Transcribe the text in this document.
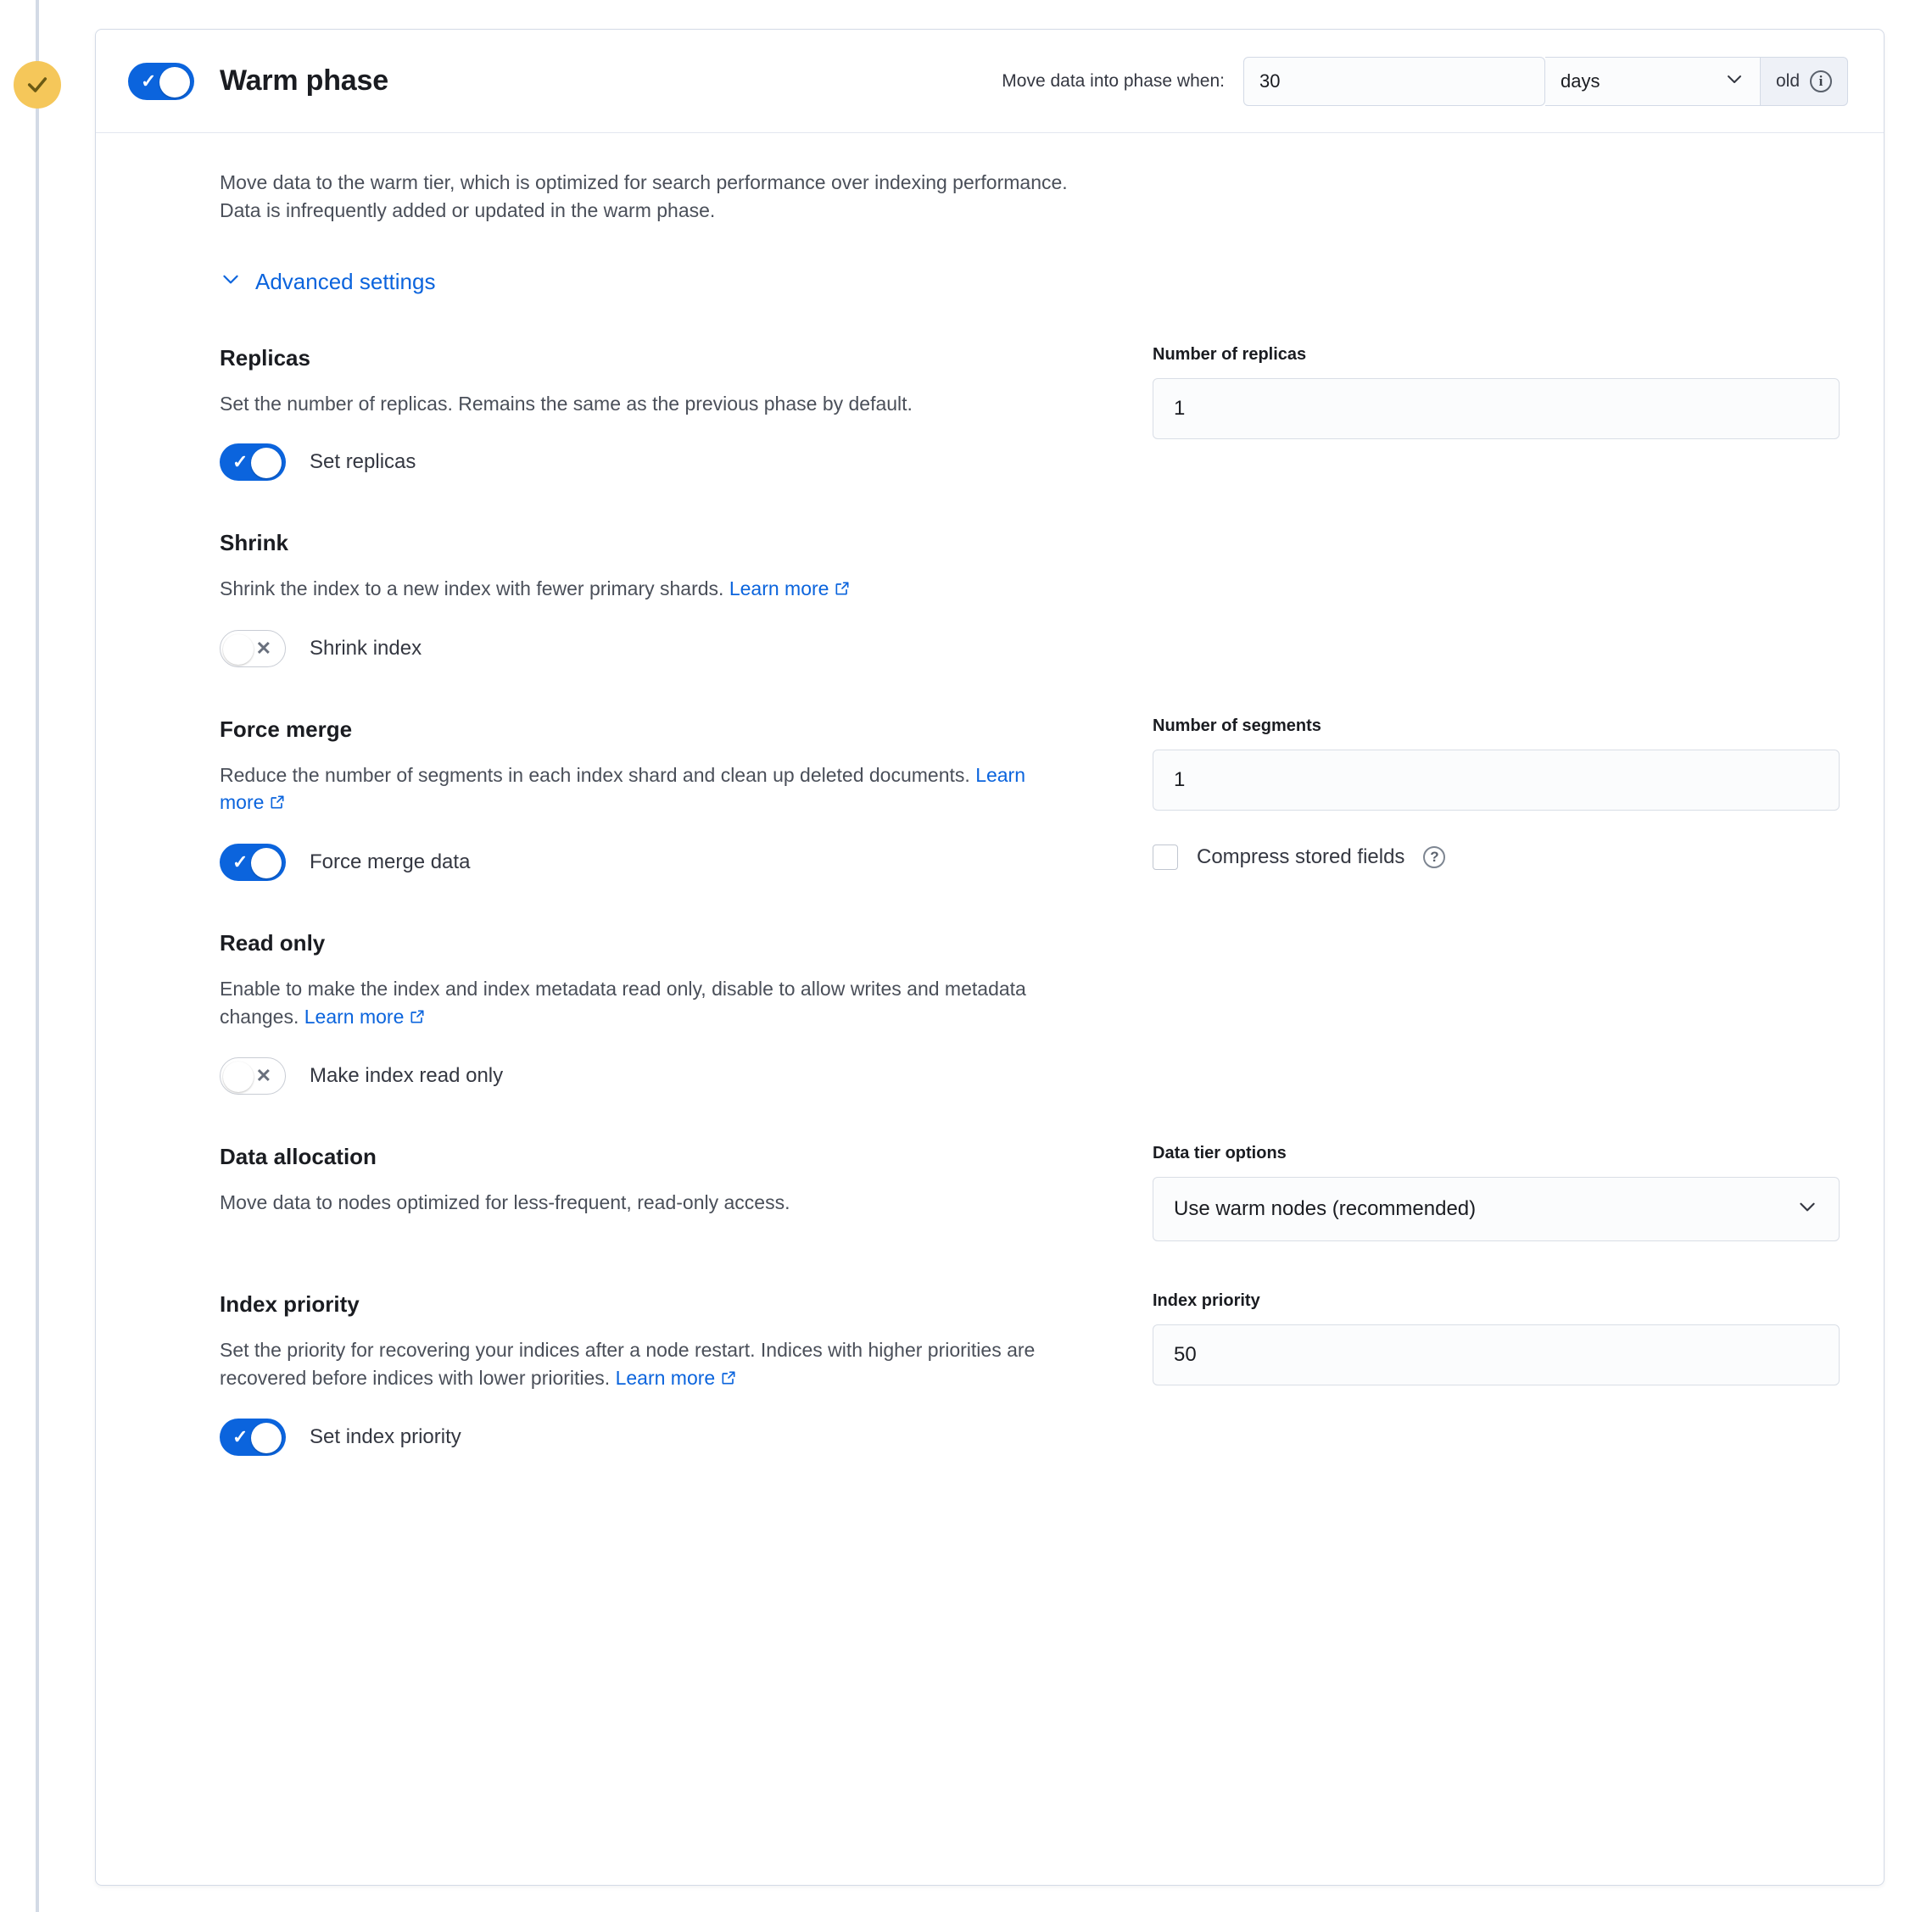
✓ Warm phase	Move data into phase when:	30	days	old	i

Move data to the warm tier, which is optimized for search performance over indexing performance. Data is infrequently added or updated in the warm phase.

Advanced settings
Replicas

Set the number of replicas. Remains the same as the previous phase by default.

✓	Set replicas
Number of replicas
1
Shrink

Shrink the index to a new index with fewer primary shards. Learn more

✕ Shrink index
Force merge

Reduce the number of segments in each index shard and clean up deleted documents. Learn more

✓	Force merge data
Number of segments
1
Compress stored fields	?
Read only

Enable to make the index and index metadata read only, disable to allow writes and metadata changes. Learn more

✕ Make index read only
Data allocation

Move data to nodes optimized for less-frequent, read-only access.

Data tier options
Use warm nodes (recommended)
Index priority

Set the priority for recovering your indices after a node restart. Indices with higher priorities are recovered before indices with lower priorities. Learn more

✓	Set index priority
Index priority
50
